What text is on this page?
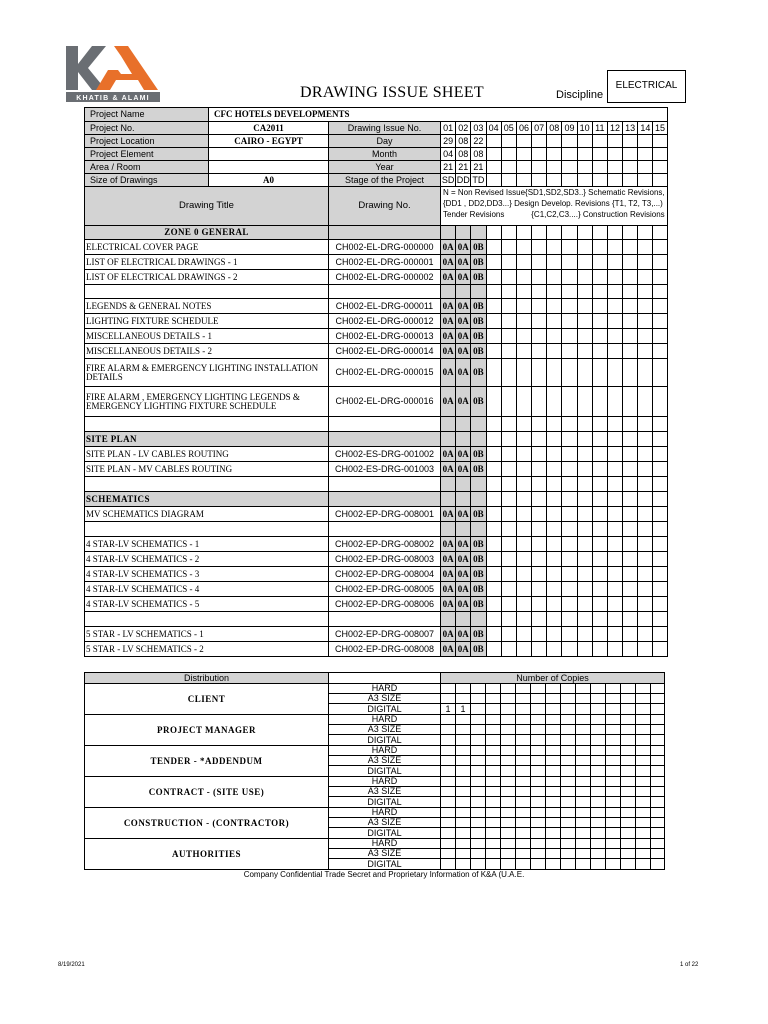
KHATIB & ALAMI	DRAWING ISSUE SHEET	Discipline
ELECTRICAL
Project Name	CFC HOTELS DEVELOPMENTS																
Project No.	CA2011	Drawing Issue No.	01	02	03	04	05	06	07	08	09	10	11	12	13	14	15
Project Location	CAIRO - EGYPT	Day	29	08	22												
Project Element		Month	04	08	08												
Area / Room		Year	21	21	21												
Size of Drawings	A0	Stage of the Project	SD	DD	TD												
Drawing Title		Drawing No.	N = Non Revised Issue{SD1,SD2,SD3..} Schematic Revisions,
{DD1 , DD2,DD3...} Design Develop. Revisions {T1, T2, T3,...)
Tender Revisions {C1,C2,C3....} Construction Revisions														

ZONE 0 GENERAL																	
ELECTRICAL COVER PAGE		CH002-EL-DRG-000000	0A	0A	0B												
LIST OF ELECTRICAL DRAWINGS - 1		CH002-EL-DRG-000001	0A	0A	0B												
LIST OF ELECTRICAL DRAWINGS - 2		CH002-EL-DRG-000002	0A	0A	0B												

LEGENDS & GENERAL NOTES		CH002-EL-DRG-000011	0A	0A	0B												
LIGHTING FIXTURE SCHEDULE		CH002-EL-DRG-000012	0A	0A	0B												
MISCELLANEOUS DETAILS - 1		CH002-EL-DRG-000013	0A	0A	0B												
MISCELLANEOUS DETAILS - 2		CH002-EL-DRG-000014	0A	0A	0B												
FIRE ALARM & EMERGENCY LIGHTING INSTALLATION DETAILS		CH002-EL-DRG-000015	0A	0A	0B												
FIRE ALARM , EMERGENCY LIGHTING LEGENDS & EMERGENCY LIGHTING FIXTURE SCHEDULE		CH002-EL-DRG-000016	0A	0A	0B												

SITE PLAN																	
SITE PLAN - LV CABLES ROUTING		CH002-ES-DRG-001002	0A	0A	0B												
SITE PLAN - MV CABLES ROUTING		CH002-ES-DRG-001003	0A	0A	0B												

SCHEMATICS																	
MV SCHEMATICS DIAGRAM		CH002-EP-DRG-008001	0A	0A	0B												

4 STAR-LV SCHEMATICS - 1		CH002-EP-DRG-008002	0A	0A	0B												
4 STAR-LV SCHEMATICS - 2		CH002-EP-DRG-008003	0A	0A	0B												
4 STAR-LV SCHEMATICS - 3		CH002-EP-DRG-008004	0A	0A	0B												
4 STAR-LV SCHEMATICS - 4		CH002-EP-DRG-008005	0A	0A	0B												
4 STAR-LV SCHEMATICS - 5		CH002-EP-DRG-008006	0A	0A	0B												

5 STAR - LV SCHEMATICS - 1		CH002-EP-DRG-008007	0A	0A	0B												
5 STAR - LV SCHEMATICS - 2		CH002-EP-DRG-008008	0A	0A	0B												
Distribution		Number of Copies														
CLIENT	HARD															
	A3 SIZE															
	DIGITAL	1	1													
PROJECT MANAGER	HARD															
	A3 SIZE															
	DIGITAL															
TENDER - *ADDENDUM	HARD															
	A3 SIZE															
	DIGITAL															
CONTRACT - (SITE USE)	HARD															
	A3 SIZE															
	DIGITAL															
CONSTRUCTION - (CONTRACTOR)	HARD															
	A3 SIZE															
	DIGITAL															
AUTHORITIES	HARD															
	A3 SIZE															
	DIGITAL															
Company Confidential Trade Secret and Proprietary Information of K&A (U.A.E.
8/19/2021	1 of 22
